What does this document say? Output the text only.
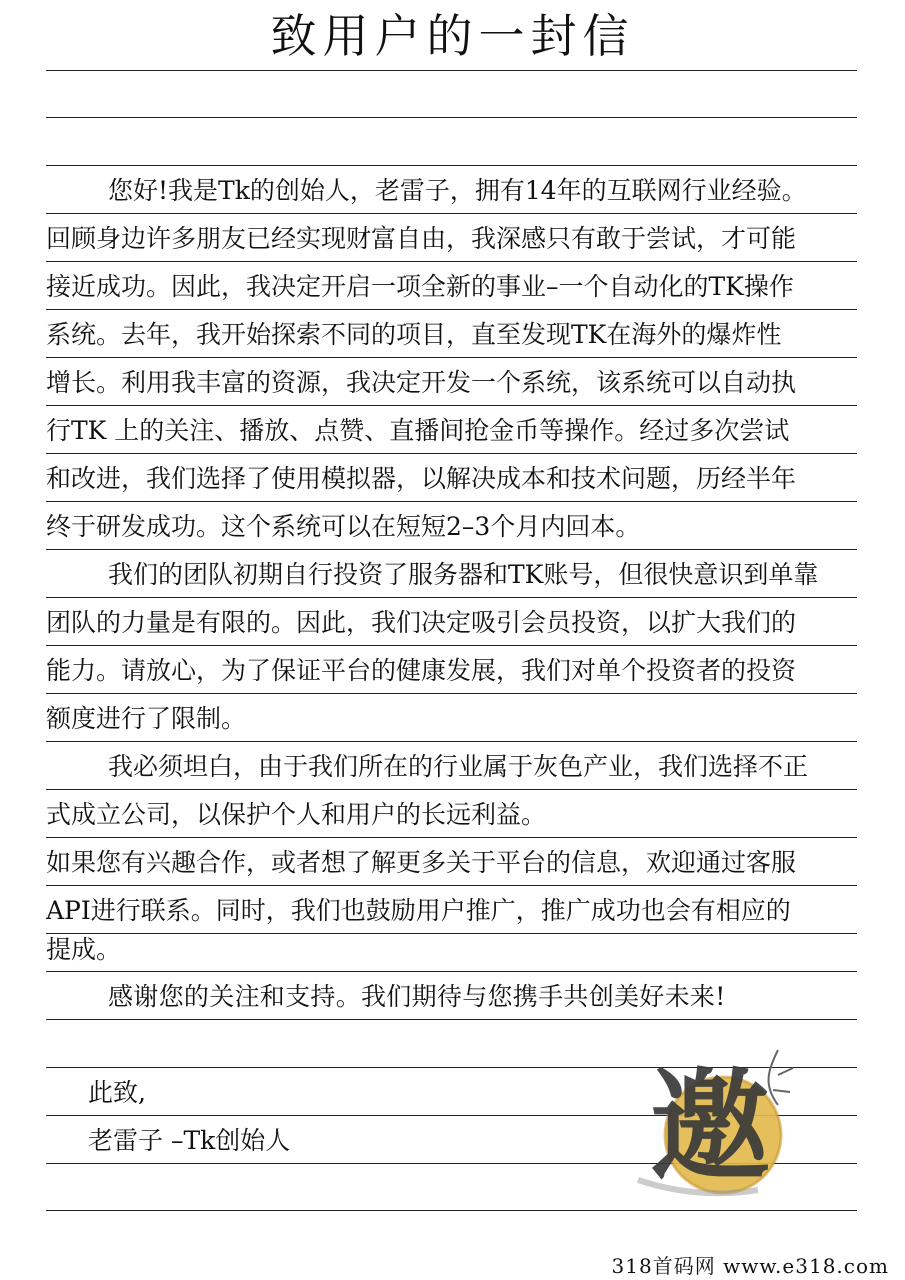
致用户的一封信
您好!我是Tk的创始人，老雷子，拥有14年的互联网行业经验。
回顾身边许多朋友已经实现财富自由，我深感只有敢于尝试，才可能
接近成功。因此，我决定开启一项全新的事业–一个自动化的TK操作
系统。去年，我开始探索不同的项目，直至发现TK在海外的爆炸性
增长。利用我丰富的资源，我决定开发一个系统，该系统可以自动执
行TK 上的关注、播放、点赞、直播间抢金币等操作。经过多次尝试
和改进，我们选择了使用模拟器，以解决成本和技术问题，历经半年
终于研发成功。这个系统可以在短短2–3个月内回本。
我们的团队初期自行投资了服务器和TK账号，但很快意识到单靠
团队的力量是有限的。因此，我们决定吸引会员投资，以扩大我们的
能力。请放心，为了保证平台的健康发展，我们对单个投资者的投资
额度进行了限制。
我必须坦白，由于我们所在的行业属于灰色产业，我们选择不正
式成立公司，以保护个人和用户的长远利益。
如果您有兴趣合作，或者想了解更多关于平台的信息，欢迎通过客服
API进行联系。同时，我们也鼓励用户推广，推广成功也会有相应的
提成。
感谢您的关注和支持。我们期待与您携手共创美好未来!
此致,
老雷子 –Tk创始人	邀
318首码网 www.e318.com
